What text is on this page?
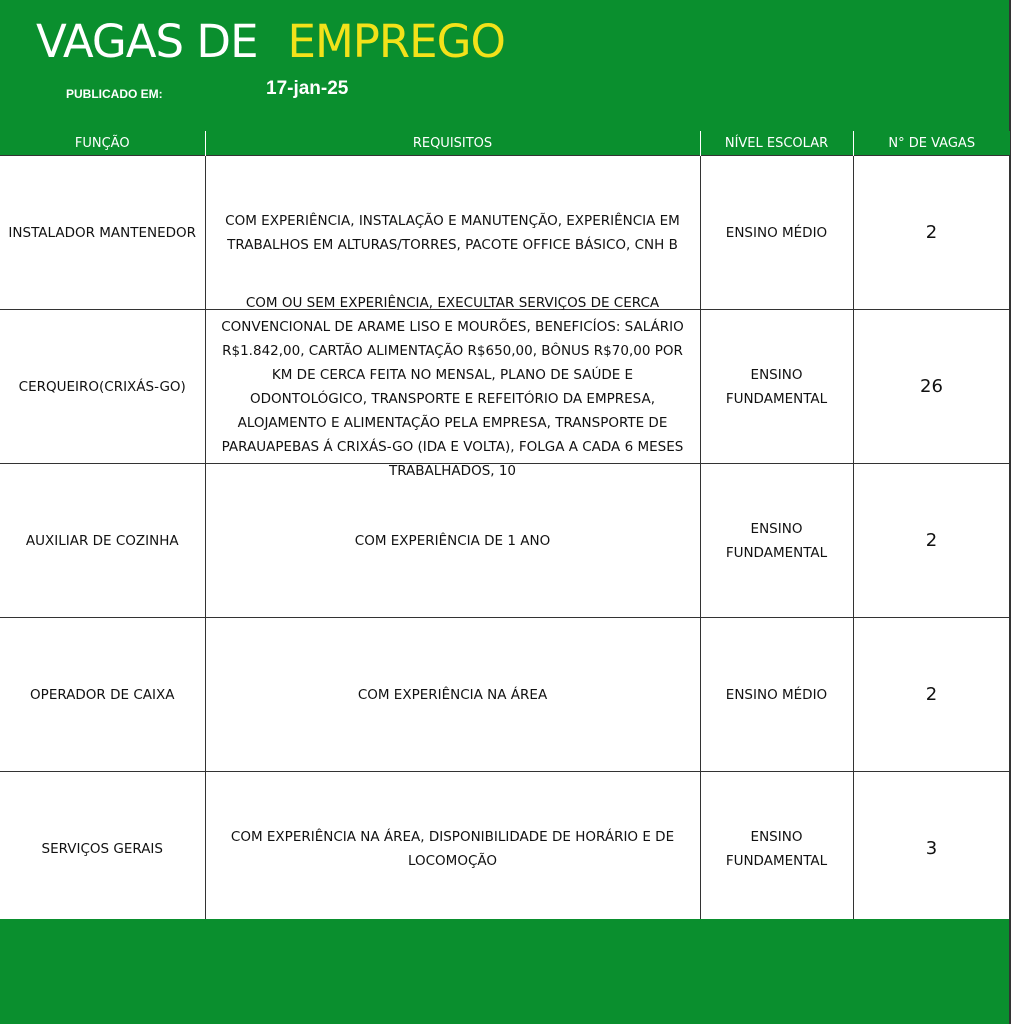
VAGAS DE EMPREGO
PUBLICADO EM:	17-jan-25
FUNÇÃO	REQUISITOS	NÍVEL ESCOLAR	N° DE VAGAS
INSTALADOR MANTENEDOR	COM EXPERIÊNCIA, INSTALAÇÃO E MANUTENÇÃO, EXPERIÊNCIA EM TRABALHOS EM ALTURAS/TORRES, PACOTE OFFICE BÁSICO, CNH B	ENSINO MÉDIO	2
CERQUEIRO(CRIXÁS-GO)	COM OU SEM EXPERIÊNCIA, EXECULTAR SERVIÇOS DE CERCA CONVENCIONAL DE ARAME LISO E MOURÕES, BENEFICÍOS: SALÁRIO R$1.842,00, CARTÃO ALIMENTAÇÃO R$650,00, BÔNUS R$70,00 POR KM DE CERCA FEITA NO MENSAL, PLANO DE SAÚDE E ODONTOLÓGICO, TRANSPORTE E REFEITÓRIO DA EMPRESA, ALOJAMENTO E ALIMENTAÇÃO PELA EMPRESA, TRANSPORTE DE PARAUAPEBAS Á CRIXÁS-GO (IDA E VOLTA), FOLGA A CADA 6 MESES TRABALHADOS, 10	ENSINO FUNDAMENTAL	26
AUXILIAR DE COZINHA	COM EXPERIÊNCIA DE 1 ANO	ENSINO FUNDAMENTAL	2
OPERADOR DE CAIXA	COM EXPERIÊNCIA NA ÁREA	ENSINO MÉDIO	2
SERVIÇOS GERAIS	COM EXPERIÊNCIA NA ÁREA, DISPONIBILIDADE DE HORÁRIO E DE LOCOMOÇÃO	ENSINO FUNDAMENTAL	3
